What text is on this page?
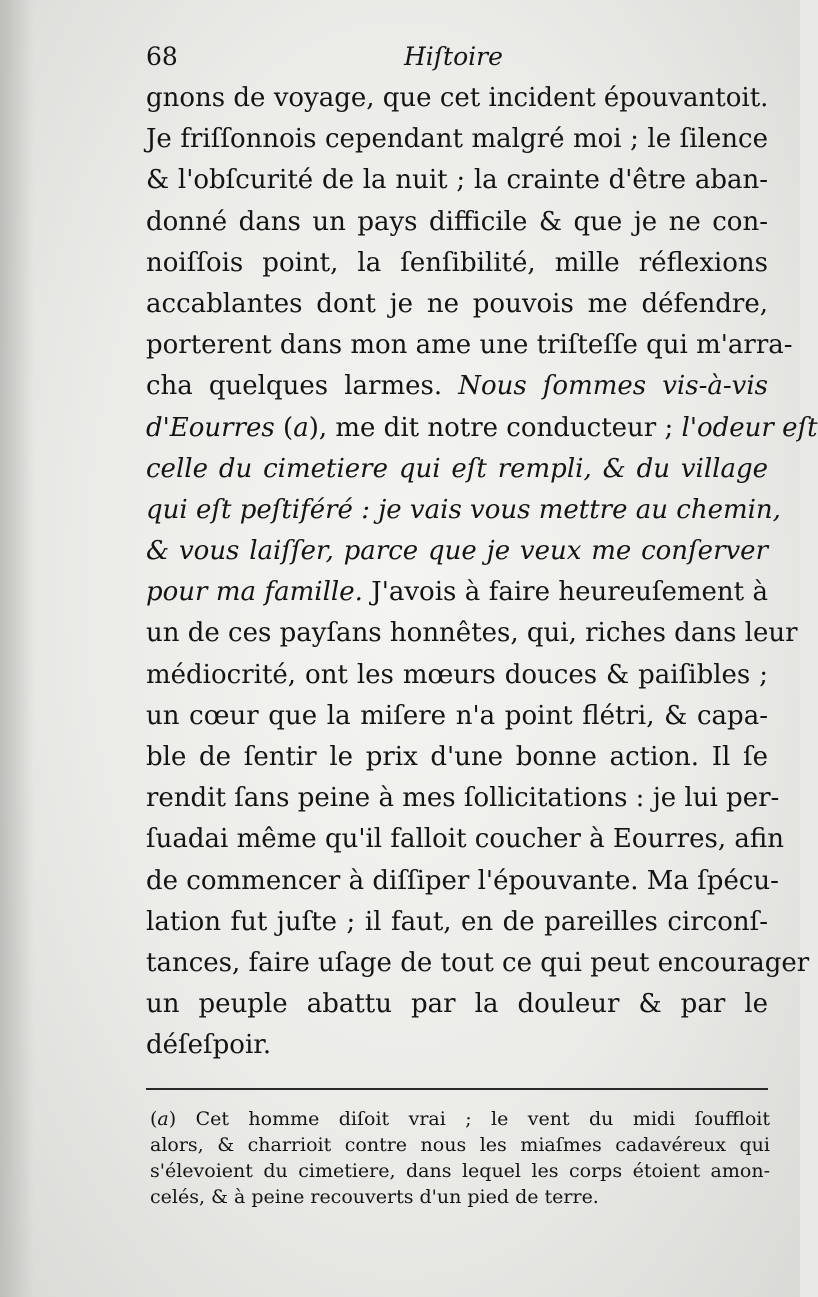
68	Hiſtoire
gnons de voyage, que cet incident épouvantoit.
Je friſſonnois cependant malgré moi ; le ſilence
& l'obſcurité de la nuit ; la crainte d'être aban-
donné dans un pays difficile & que je ne con-
noiſſois point, la ſenſibilité, mille réflexions
accablantes dont je ne pouvois me défendre,
porterent dans mon ame une triſteſſe qui m'arra-
cha quelques larmes. Nous ſommes vis-à-vis
d'Eourres (a), me dit notre conducteur ; l'odeur eſt
celle du cimetiere qui eſt rempli, & du village
qui eſt peſtiféré : je vais vous mettre au chemin,
& vous laiſſer, parce que je veux me conſerver
pour ma famille. J'avois à faire heureuſement à
un de ces payſans honnêtes, qui, riches dans leur
médiocrité, ont les mœurs douces & paiſibles ;
un cœur que la miſere n'a point flétri, & capa-
ble de ſentir le prix d'une bonne action. Il ſe
rendit ſans peine à mes ſollicitations : je lui per-
ſuadai même qu'il falloit coucher à Eourres, afin
de commencer à diſſiper l'épouvante. Ma ſpécu-
lation fut juſte ; il faut, en de pareilles circonſ-
tances, faire uſage de tout ce qui peut encourager
un peuple abattu par la douleur & par le
déſeſpoir.
(a) Cet homme diſoit vrai ; le vent du midi ſouffloit
alors, & charrioit contre nous les miaſmes cadavéreux qui
s'élevoient du cimetiere, dans lequel les corps étoient amon-
celés, & à peine recouverts d'un pied de terre.
